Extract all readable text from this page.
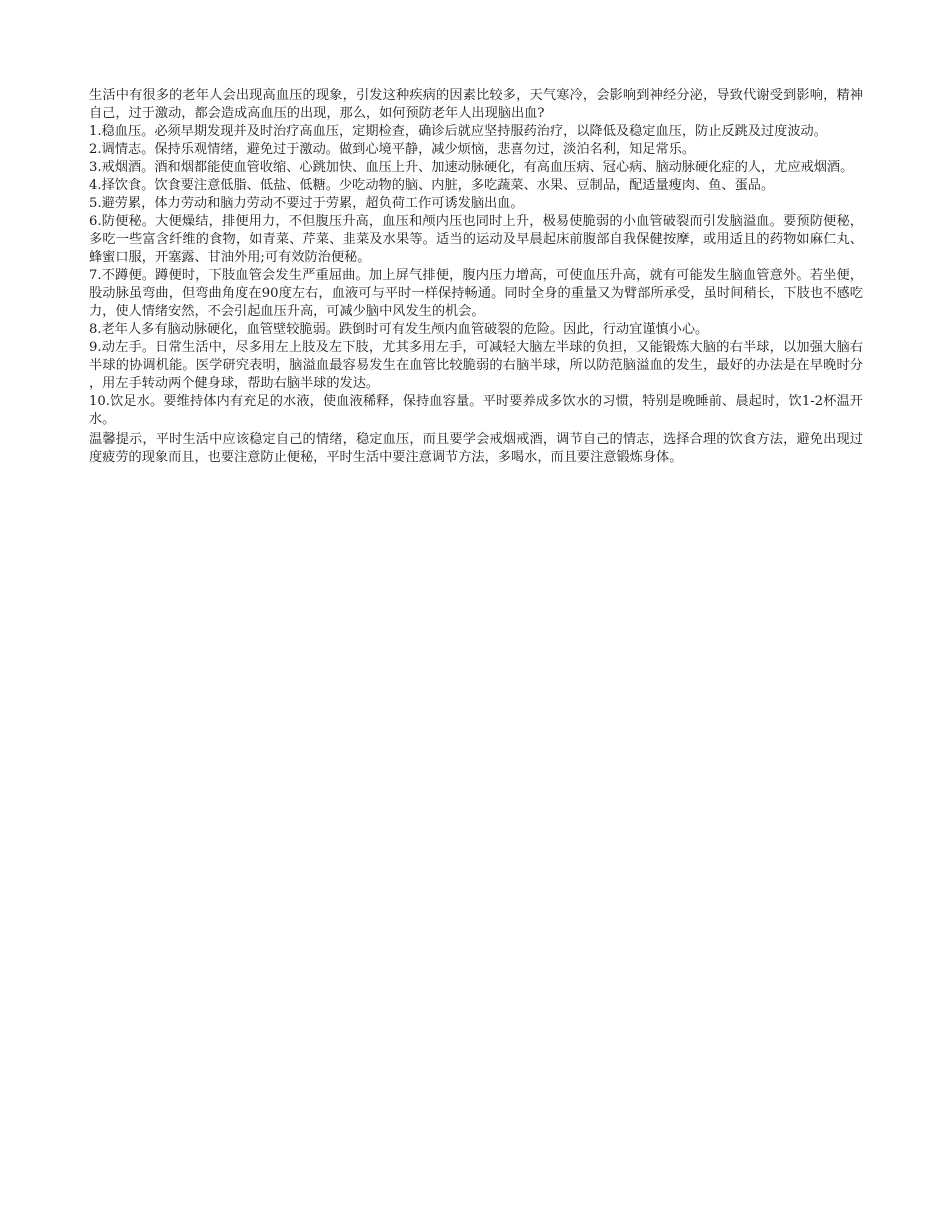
生活中有很多的老年人会出现高血压的现象，引发这种疾病的因素比较多，天气寒冷，会影响到神经分泌，导致代谢受到影响，精神自己，过于激动，都会造成高血压的出现，那么，如何预防老年人出现脑出血?

1.稳血压。必须早期发现并及时治疗高血压，定期检查，确诊后就应坚持服药治疗，以降低及稳定血压，防止反跳及过度波动。

2.调情志。保持乐观情绪，避免过于激动。做到心境平静，减少烦恼，悲喜勿过，淡泊名利，知足常乐。

3.戒烟酒。酒和烟都能使血管收缩、心跳加快、血压上升、加速动脉硬化，有高血压病、冠心病、脑动脉硬化症的人，尤应戒烟酒。

4.择饮食。饮食要注意低脂、低盐、低糖。少吃动物的脑、内脏，多吃蔬菜、水果、豆制品，配适量瘦肉、鱼、蛋品。

5.避劳累，体力劳动和脑力劳动不要过于劳累，超负荷工作可诱发脑出血。

6.防便秘。大便燥结，排便用力，不但腹压升高，血压和颅内压也同时上升，极易使脆弱的小血管破裂而引发脑溢血。要预防便秘，多吃一些富含纤维的食物，如青菜、芹菜、韭菜及水果等。适当的运动及早晨起床前腹部自我保健按摩，或用适且的药物如麻仁丸、蜂蜜口服，开塞露、甘油外用;可有效防治便秘。

7.不蹲便。蹲便时，下肢血管会发生严重屈曲。加上屏气排便，腹内压力增高，可使血压升高，就有可能发生脑血管意外。若坐便，股动脉虽弯曲，但弯曲角度在90度左右，血液可与平时一样保持畅通。同时全身的重量又为臂部所承受，虽时间稍长，下肢也不感吃力，使人情绪安然，不会引起血压升高，可减少脑中风发生的机会。

8.老年人多有脑动脉硬化，血管壁较脆弱。跌倒时可有发生颅内血管破裂的危险。因此，行动宜谨慎小心。

9.动左手。日常生活中，尽多用左上肢及左下肢，尤其多用左手，可减轻大脑左半球的负担，又能锻炼大脑的右半球，以加强大脑右半球的协调机能。医学研究表明，脑溢血最容易发生在血管比较脆弱的右脑半球，所以防范脑溢血的发生，最好的办法是在早晚时分，用左手转动两个健身球，帮助右脑半球的发达。

10.饮足水。要维持体内有充足的水液，使血液稀释，保持血容量。平时要养成多饮水的习惯，特别是晚睡前、晨起时，饮1-2杯温开水。

温馨提示，平时生活中应该稳定自己的情绪，稳定血压，而且要学会戒烟戒酒，调节自己的情志，选择合理的饮食方法，避免出现过度疲劳的现象而且，也要注意防止便秘，平时生活中要注意调节方法，多喝水，而且要注意锻炼身体。
